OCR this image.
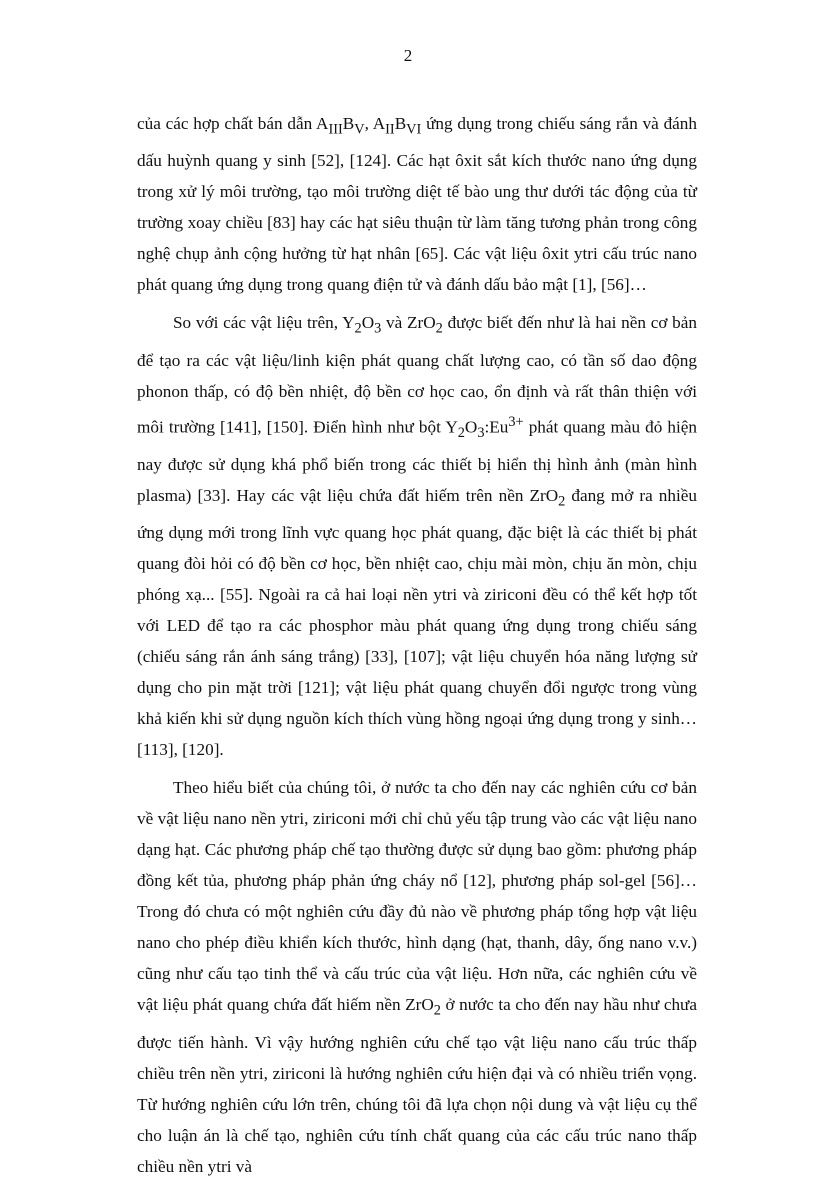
2

của các hợp chất bán dẫn $A_{III}B_V$, $A_{II}B_{VI}$ ứng dụng trong chiếu sáng rắn và đánh dấu huỳnh quang y sinh [52], [124]. Các hạt ôxit sắt kích thước nano ứng dụng trong xử lý môi trường, tạo môi trường diệt tế bào ung thư dưới tác động của từ trường xoay chiều [83] hay các hạt siêu thuận từ làm tăng tương phản trong công nghệ chụp ảnh cộng hưởng từ hạt nhân [65]. Các vật liệu ôxit ytri cấu trúc nano phát quang ứng dụng trong quang điện tử và đánh dấu bảo mật [1], [56]…

So với các vật liệu trên, $Y_2O_3$ và ZrO$_2$ được biết đến như là hai nền cơ bản để tạo ra các vật liệu/linh kiện phát quang chất lượng cao, có tần số dao động phonon thấp, có độ bền nhiệt, độ bền cơ học cao, ổn định và rất thân thiện với môi trường [141], [150]. Điển hình như bột $Y_2O_3:Eu^{3+}$ phát quang màu đỏ hiện nay được sử dụng khá phổ biến trong các thiết bị hiển thị hình ảnh (màn hình plasma) [33]. Hay các vật liệu chứa đất hiếm trên nền ZrO$_2$ đang mở ra nhiều ứng dụng mới trong lĩnh vực quang học phát quang, đặc biệt là các thiết bị phát quang đòi hỏi có độ bền cơ học, bền nhiệt cao, chịu mài mòn, chịu ăn mòn, chịu phóng xạ... [55]. Ngoài ra cả hai loại nền ytri và ziriconi đều có thể kết hợp tốt với LED để tạo ra các phosphor màu phát quang ứng dụng trong chiếu sáng (chiếu sáng rắn ánh sáng trắng) [33], [107]; vật liệu chuyển hóa năng lượng sử dụng cho pin mặt trời [121]; vật liệu phát quang chuyển đổi ngược trong vùng khả kiến khi sử dụng nguồn kích thích vùng hồng ngoại ứng dụng trong y sinh…[113], [120].

Theo hiểu biết của chúng tôi, ở nước ta cho đến nay các nghiên cứu cơ bản về vật liệu nano nền ytri, ziriconi mới chỉ chủ yếu tập trung vào các vật liệu nano dạng hạt. Các phương pháp chế tạo thường được sử dụng bao gồm: phương pháp đồng kết tủa, phương pháp phản ứng cháy nổ [12], phương pháp sol-gel [56]… Trong đó chưa có một nghiên cứu đầy đủ nào về phương pháp tổng hợp vật liệu nano cho phép điều khiển kích thước, hình dạng (hạt, thanh, dây, ống nano v.v.) cũng như cấu tạo tinh thể và cấu trúc của vật liệu. Hơn nữa, các nghiên cứu về vật liệu phát quang chứa đất hiếm nền ZrO$_2$ ở nước ta cho đến nay hầu như chưa được tiến hành. Vì vậy hướng nghiên cứu chế tạo vật liệu nano cấu trúc thấp chiều trên nền ytri, ziriconi là hướng nghiên cứu hiện đại và có nhiều triển vọng. Từ hướng nghiên cứu lớn trên, chúng tôi đã lựa chọn nội dung và vật liệu cụ thể cho luận án là chế tạo, nghiên cứu tính chất quang của các cấu trúc nano thấp chiều nền ytri và
